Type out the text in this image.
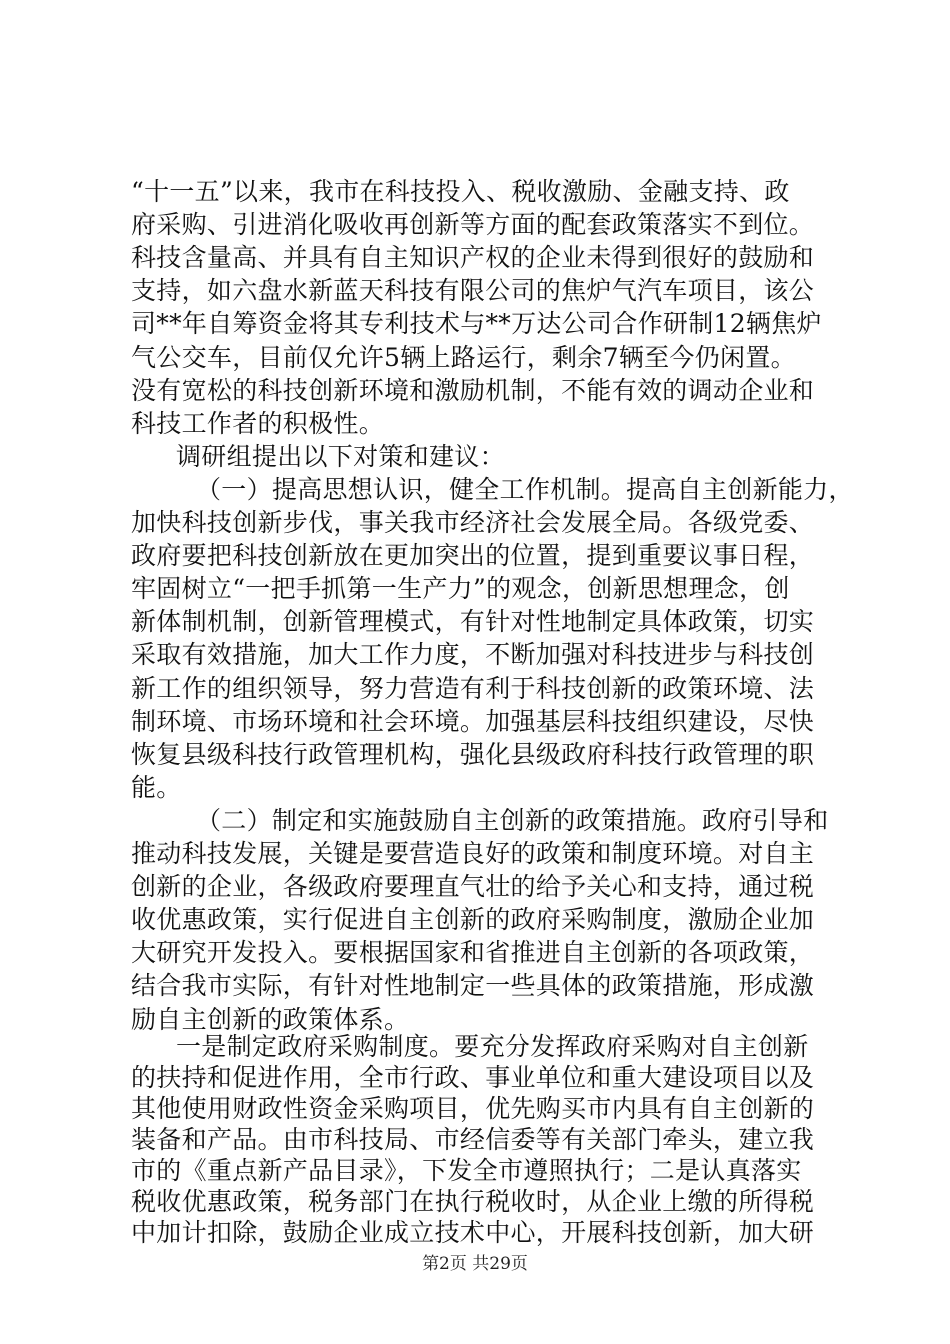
“十一五”以来，我市在科技投入、税收激励、金融支持、政
府采购、引进消化吸收再创新等方面的配套政策落实不到位。
科技含量高、并具有自主知识产权的企业未得到很好的鼓励和
支持，如六盘水新蓝天科技有限公司的焦炉气汽车项目，该公
司**年自筹资金将其专利技术与**万达公司合作研制12辆焦炉
气公交车，目前仅允许5辆上路运行，剩余7辆至今仍闲置。
没有宽松的科技创新环境和激励机制，不能有效的调动企业和
科技工作者的积极性。
调研组提出以下对策和建议：
（一）提高思想认识，健全工作机制。提高自主创新能力，
加快科技创新步伐，事关我市经济社会发展全局。各级党委、
政府要把科技创新放在更加突出的位置，提到重要议事日程，
牢固树立“一把手抓第一生产力”的观念，创新思想理念，创
新体制机制，创新管理模式，有针对性地制定具体政策，切实
采取有效措施，加大工作力度，不断加强对科技进步与科技创
新工作的组织领导，努力营造有利于科技创新的政策环境、法
制环境、市场环境和社会环境。加强基层科技组织建设，尽快
恢复县级科技行政管理机构，强化县级政府科技行政管理的职
能。
（二）制定和实施鼓励自主创新的政策措施。政府引导和
推动科技发展，关键是要营造良好的政策和制度环境。对自主
创新的企业，各级政府要理直气壮的给予关心和支持，通过税
收优惠政策，实行促进自主创新的政府采购制度，激励企业加
大研究开发投入。要根据国家和省推进自主创新的各项政策，
结合我市实际，有针对性地制定一些具体的政策措施，形成激
励自主创新的政策体系。
一是制定政府采购制度。要充分发挥政府采购对自主创新
的扶持和促进作用，全市行政、事业单位和重大建设项目以及
其他使用财政性资金采购项目，优先购买市内具有自主创新的
装备和产品。由市科技局、市经信委等有关部门牵头，建立我
市的《重点新产品目录》，下发全市遵照执行；二是认真落实
税收优惠政策，税务部门在执行税收时，从企业上缴的所得税
第2页 共29页
中加计扣除，鼓励企业成立技术中心，开展科技创新，加大研
